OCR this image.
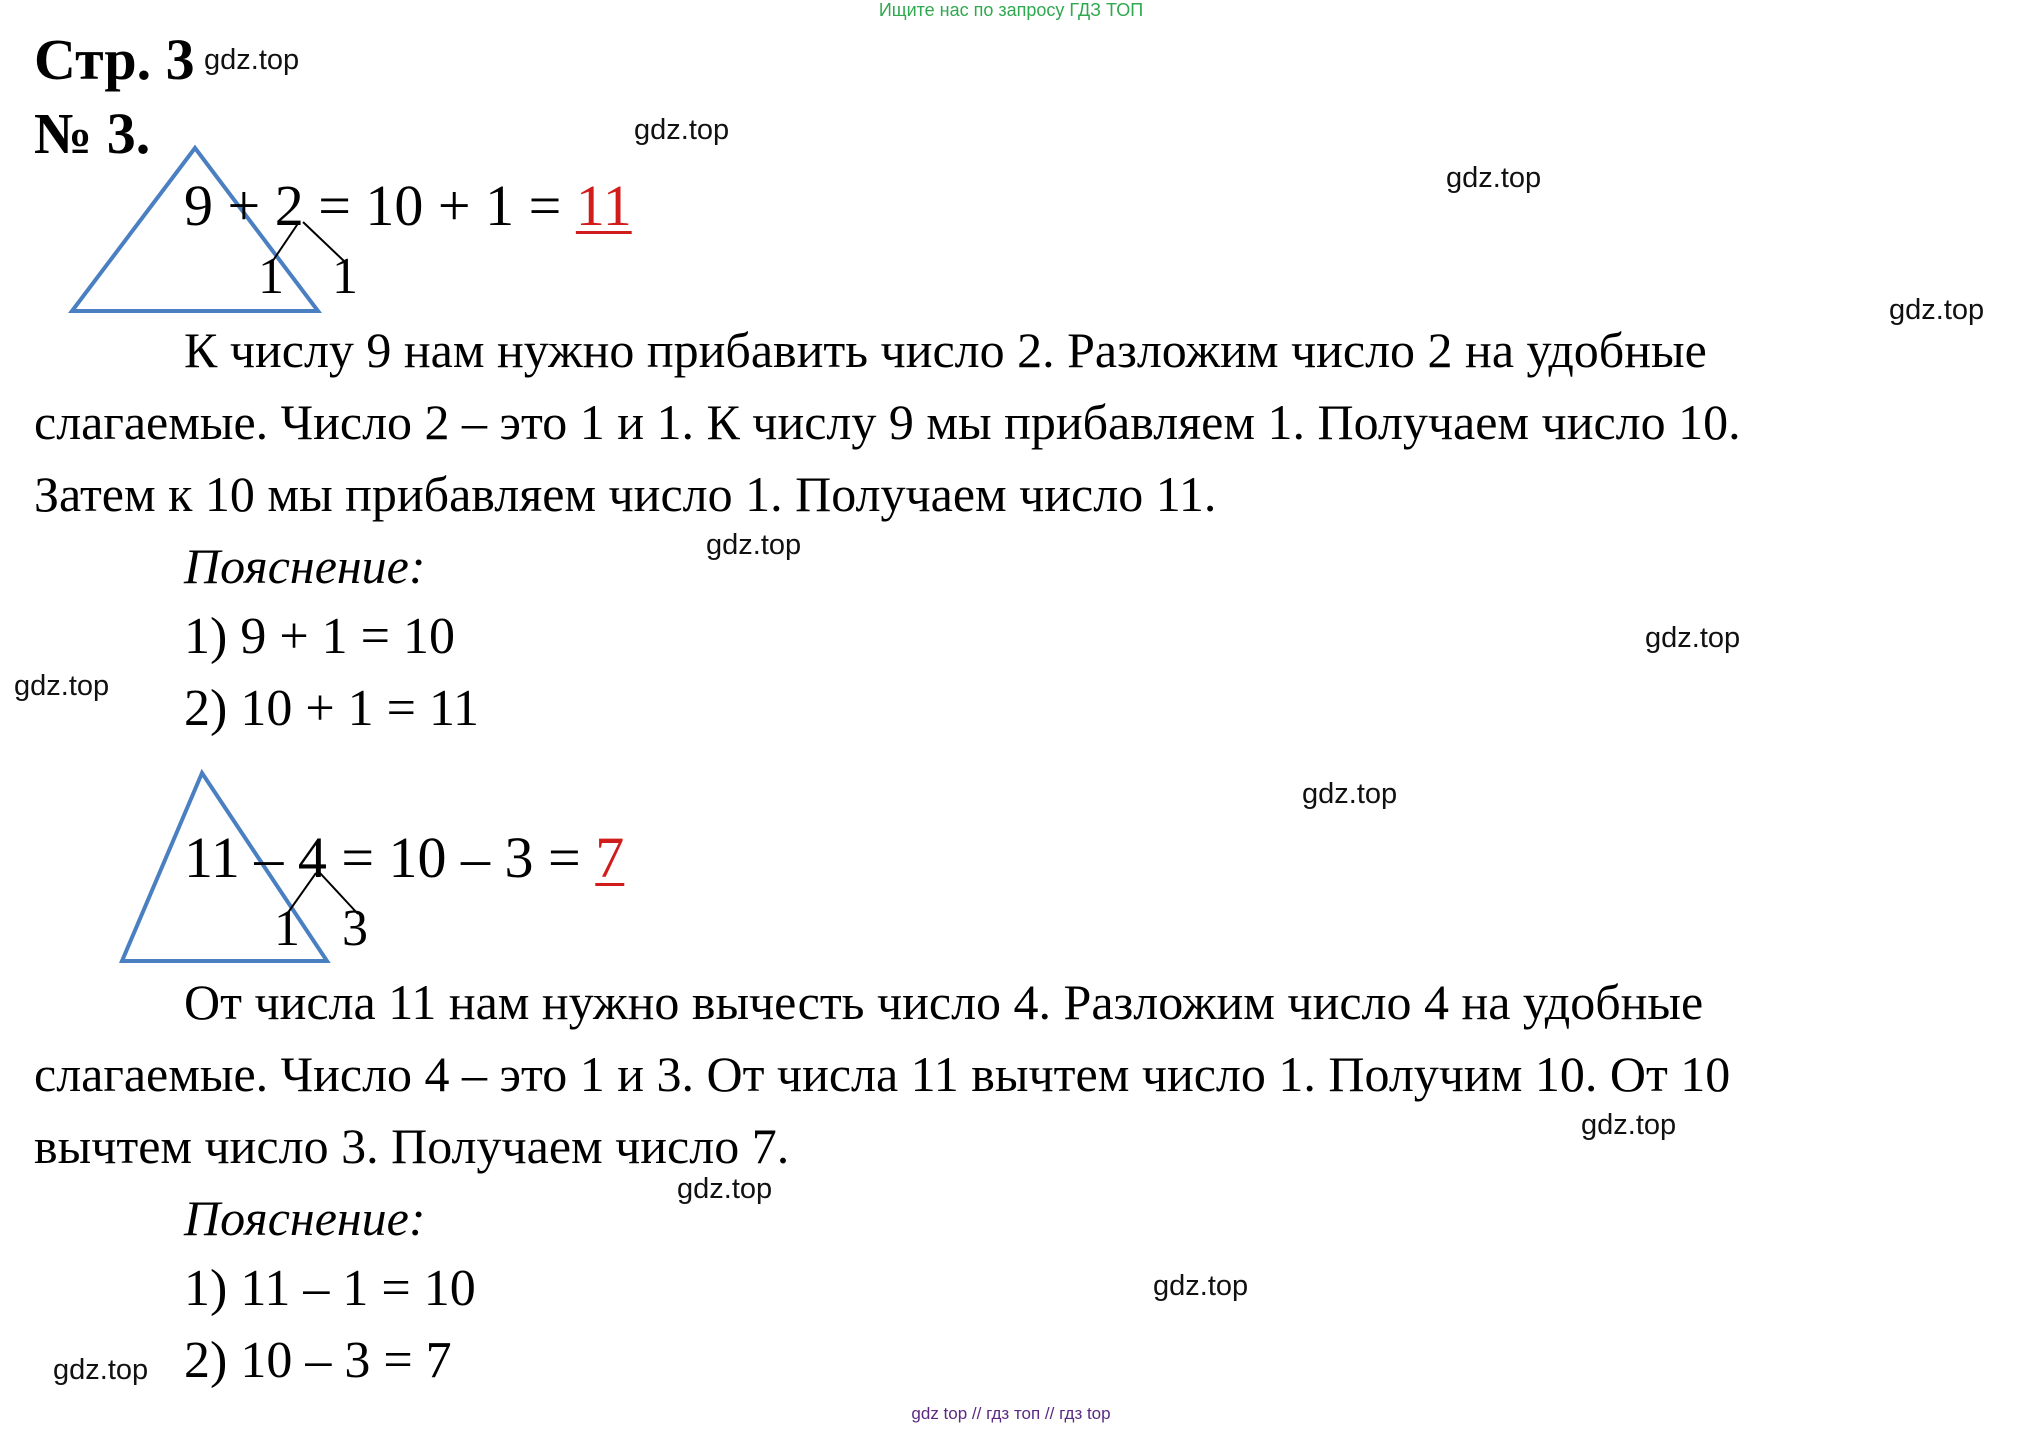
Ищите нас по запросу ГДЗ ТОП
Стр. 3
№ 3.
9 + 2 = 10 + 1 = 11
1 1
К числу 9 нам нужно прибавить число 2. Разложим число 2 на удобные
слагаемые. Число 2 – это 1 и 1. К числу 9 мы прибавляем 1. Получаем число 10.
Затем к 10 мы прибавляем число 1. Получаем число 11.
Пояснение:
1) 9 + 1 = 10
2) 10 + 1 = 11
11 – 4 = 10 – 3 = 7
1 3
От числа 11 нам нужно вычесть число 4. Разложим число 4 на удобные
слагаемые. Число 4 – это 1 и 3. От числа 11 вычтем число 1. Получим 10. От 10
вычтем число 3. Получаем число 7.
Пояснение:
1) 11 – 1 = 10
2) 10 – 3 = 7
gdz.top
gdz.top
gdz.top
gdz.top
gdz.top
gdz.top
gdz.top
gdz.top
gdz.top
gdz.top
gdz.top
gdz.top
gdz top // гдз топ // гдз top
